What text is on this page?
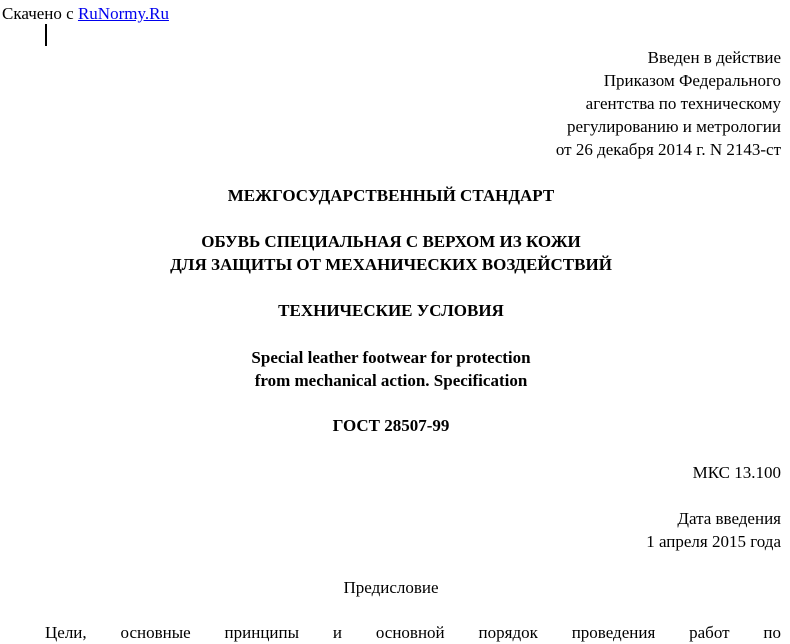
Скачено с RuNormy.Ru
Введен в действие
Приказом Федерального
агентства по техническому
регулированию и метрологии
от 26 декабря 2014 г. N 2143-ст
МЕЖГОСУДАРСТВЕННЫЙ СТАНДАРТ
ОБУВЬ СПЕЦИАЛЬНАЯ С ВЕРХОМ ИЗ КОЖИ
ДЛЯ ЗАЩИТЫ ОТ МЕХАНИЧЕСКИХ ВОЗДЕЙСТВИЙ
ТЕХНИЧЕСКИЕ УСЛОВИЯ
Special leather footwear for protection
from mechanical action. Specification
ГОСТ 28507-99
МКС 13.100
Дата введения
1 апреля 2015 года
Предисловие
Цели, основные принципы и основной порядок проведения работ по
